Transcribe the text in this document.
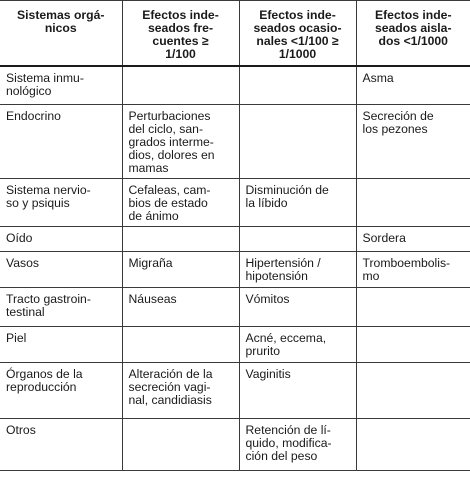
Sistemas orgá-
nicos	Efectos inde-
seados fre-
cuentes ≥
1/100	Efectos inde-
seados ocasio-
nales <1/100 ≥
1/1000	Efectos inde-
seados aisla-
dos <1/1000

Sistema inmu-
nológico			Asma

Endocrino	Perturbaciones
del ciclo, san-
grados intermе-
dios, dolores en
mamas		Secreción de
los pezones

Sistema nervio-
so y psiquis	Cefaleas, cam-
bios de estado
de ánimo	Disminución de
la líbido	

Oído			Sordera

Vasos	Migraña	Hipertensión /
hipotensión	Tromboembolis-
mo

Tracto gastroin-
testinal	Náuseas	Vómitos	

Piel		Acné, eccema,
prurito	

Órganos de la
reproducción	Alteración de la
secreción vagi-
nal, candidiasis	Vaginitis	

Otros		Retención de lí-
quido, modifica-
ción del peso	
